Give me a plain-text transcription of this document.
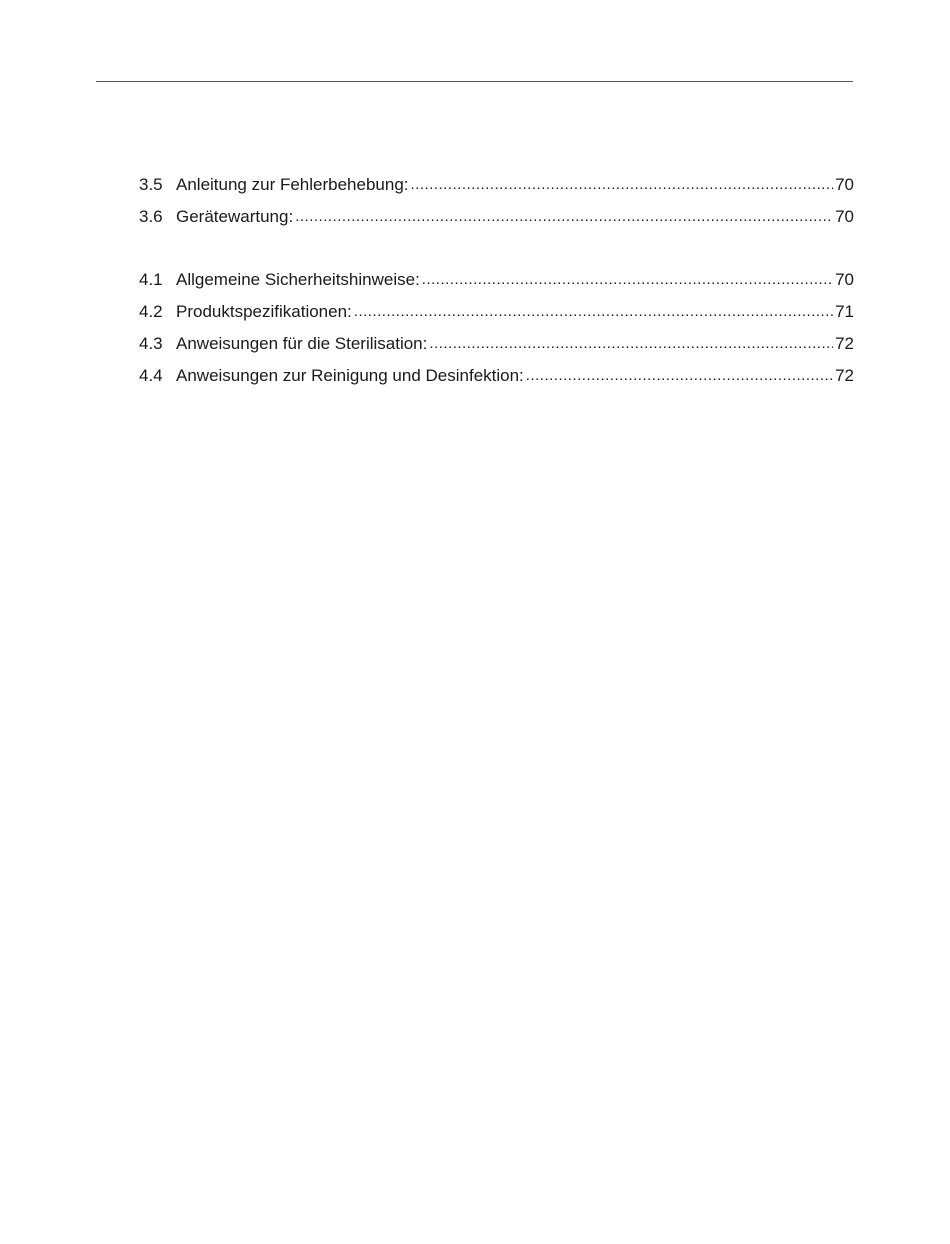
3.5 Anleitung zur Fehlerbehebung: .....	70
3.6 Gerätewartung: .....	70
4.1 Allgemeine Sicherheitshinweise: .....	70
4.2 Produktspezifikationen: .....	71
4.3 Anweisungen für die Sterilisation: .....	72
4.4 Anweisungen zur Reinigung und Desinfektion: .....	72
